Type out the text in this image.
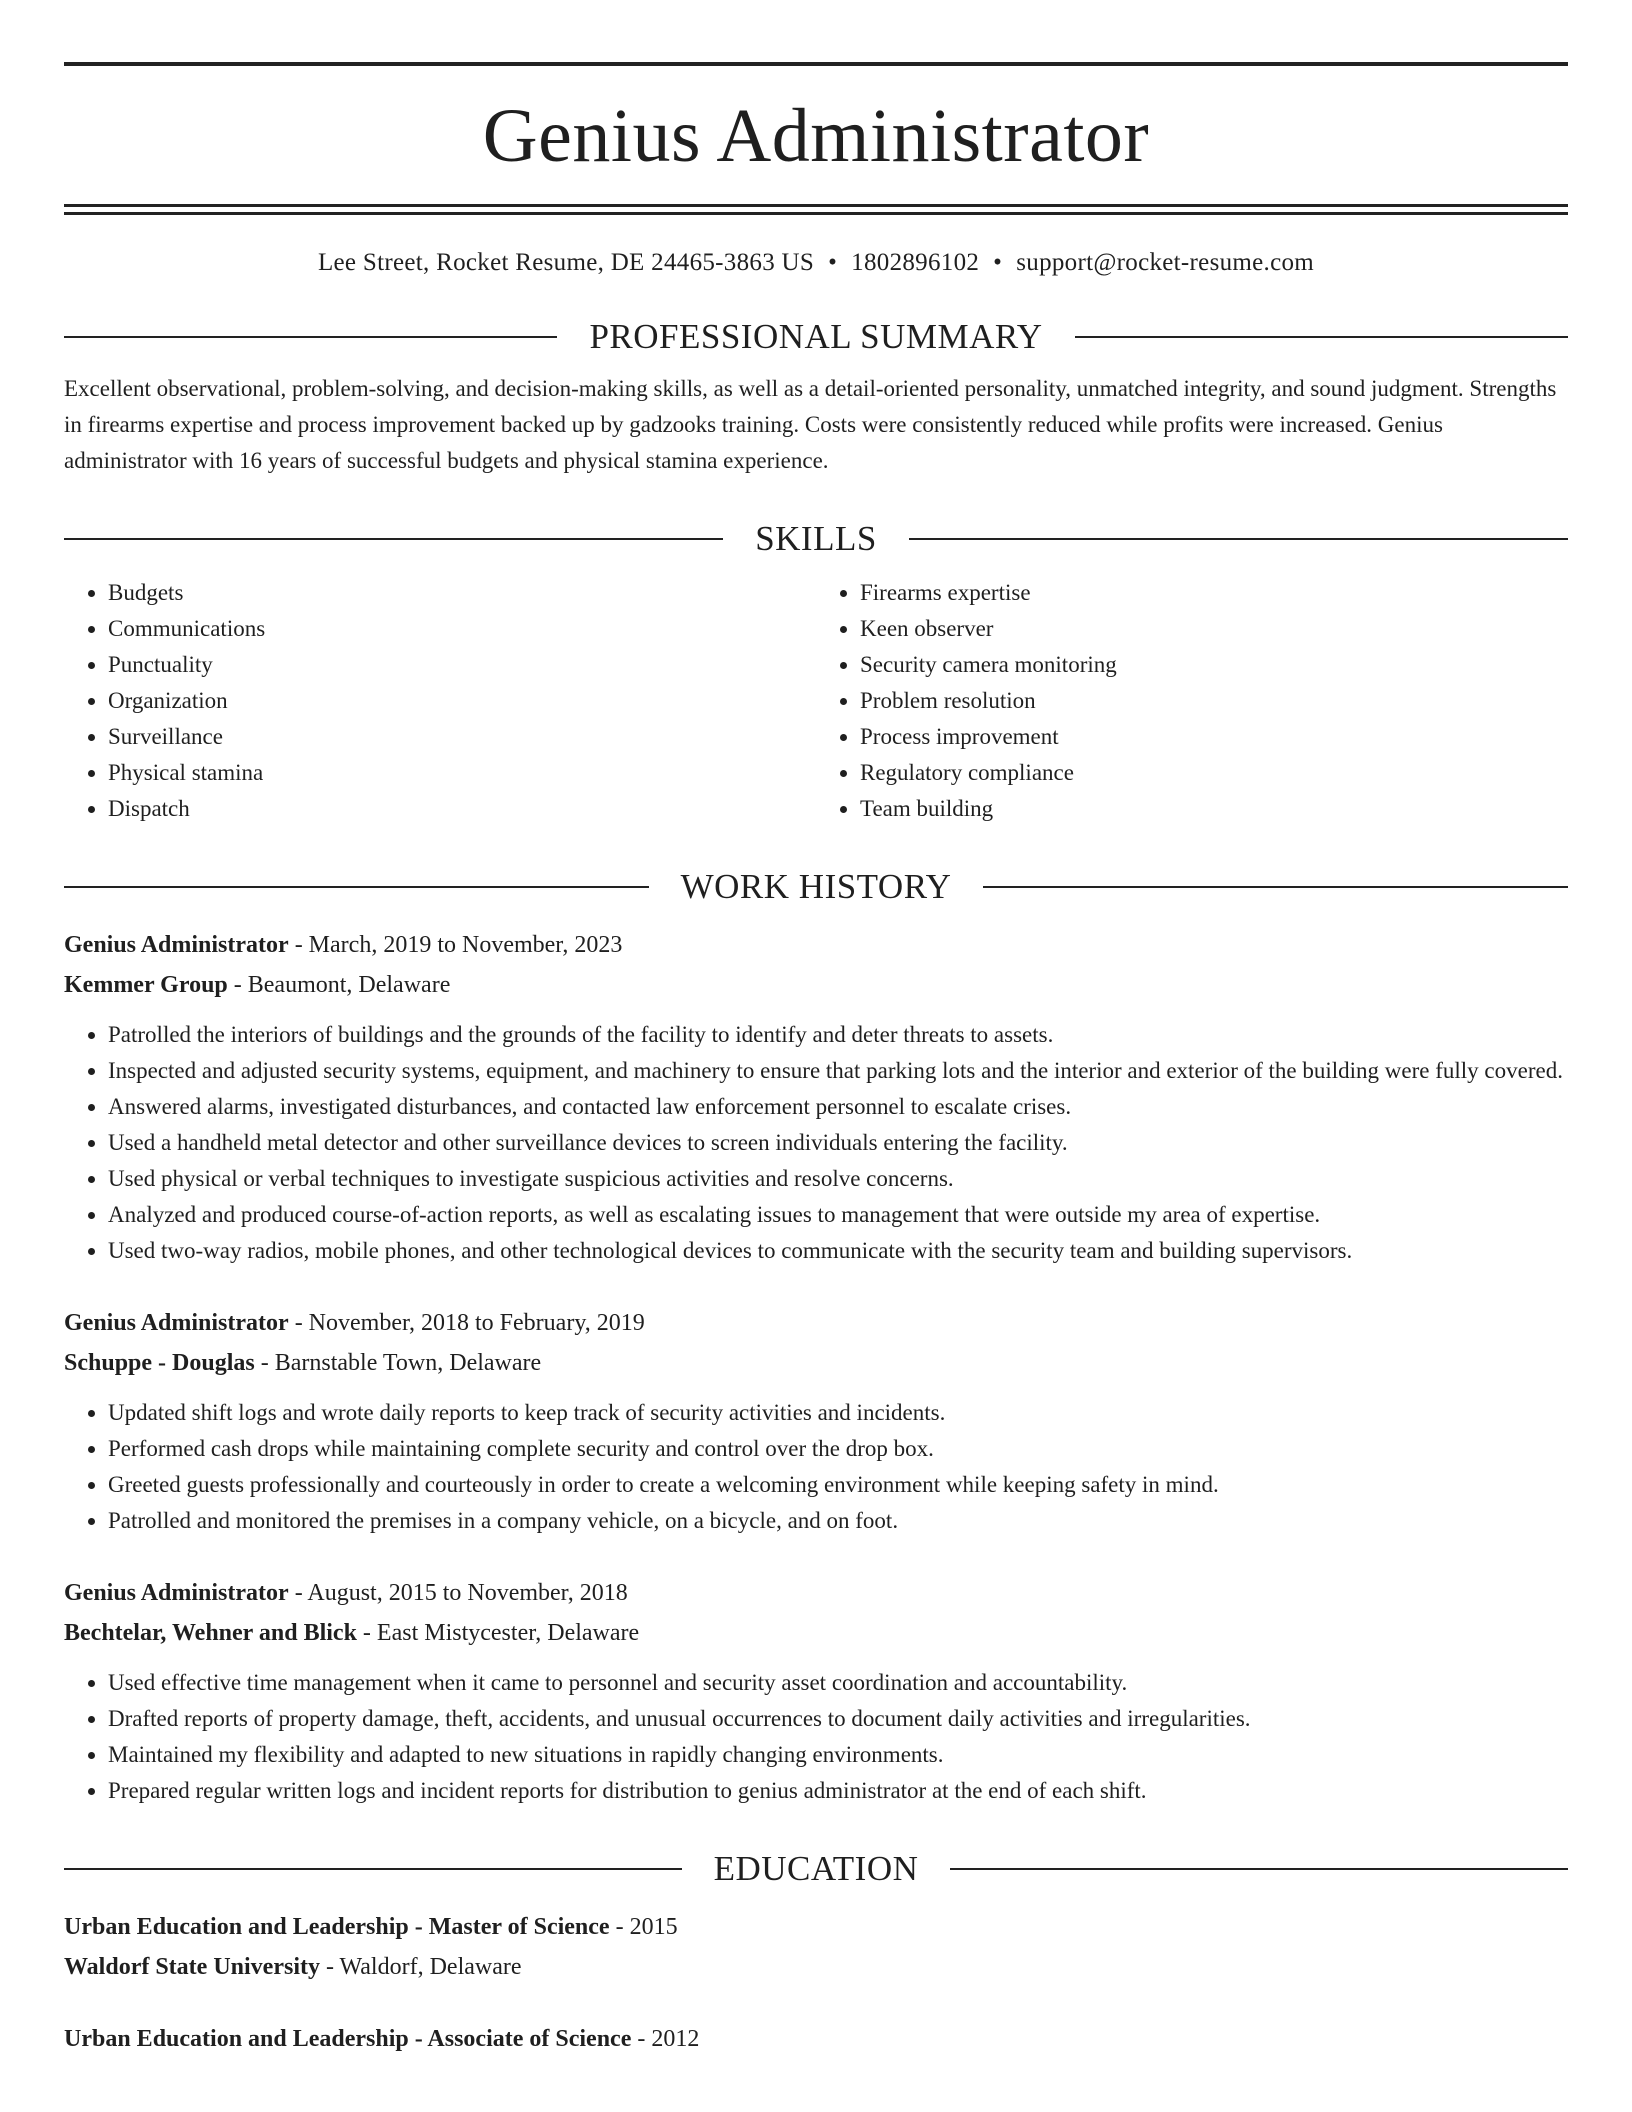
Genius Administrator
Lee Street, Rocket Resume, DE 24465-3863 US • 1802896102 • support@rocket-resume.com
PROFESSIONAL SUMMARY
Excellent observational, problem-solving, and decision-making skills, as well as a detail-oriented personality, unmatched integrity, and sound judgment. Strengths in firearms expertise and process improvement backed up by gadzooks training. Costs were consistently reduced while profits were increased. Genius administrator with 16 years of successful budgets and physical stamina experience.
SKILLS
• Budgets
• Communications
• Punctuality
• Organization
• Surveillance
• Physical stamina
• Dispatch
• Firearms expertise
• Keen observer
• Security camera monitoring
• Problem resolution
• Process improvement
• Regulatory compliance
• Team building
WORK HISTORY
Genius Administrator - March, 2019 to November, 2023
Kemmer Group - Beaumont, Delaware
• Patrolled the interiors of buildings and the grounds of the facility to identify and deter threats to assets.
• Inspected and adjusted security systems, equipment, and machinery to ensure that parking lots and the interior and exterior of the building were fully covered.
• Answered alarms, investigated disturbances, and contacted law enforcement personnel to escalate crises.
• Used a handheld metal detector and other surveillance devices to screen individuals entering the facility.
• Used physical or verbal techniques to investigate suspicious activities and resolve concerns.
• Analyzed and produced course-of-action reports, as well as escalating issues to management that were outside my area of expertise.
• Used two-way radios, mobile phones, and other technological devices to communicate with the security team and building supervisors.
Genius Administrator - November, 2018 to February, 2019
Schuppe - Douglas - Barnstable Town, Delaware
• Updated shift logs and wrote daily reports to keep track of security activities and incidents.
• Performed cash drops while maintaining complete security and control over the drop box.
• Greeted guests professionally and courteously in order to create a welcoming environment while keeping safety in mind.
• Patrolled and monitored the premises in a company vehicle, on a bicycle, and on foot.
Genius Administrator - August, 2015 to November, 2018
Bechtelar, Wehner and Blick - East Mistycester, Delaware
• Used effective time management when it came to personnel and security asset coordination and accountability.
• Drafted reports of property damage, theft, accidents, and unusual occurrences to document daily activities and irregularities.
• Maintained my flexibility and adapted to new situations in rapidly changing environments.
• Prepared regular written logs and incident reports for distribution to genius administrator at the end of each shift.
EDUCATION
Urban Education and Leadership - Master of Science - 2015
Waldorf State University - Waldorf, Delaware
Urban Education and Leadership - Associate of Science - 2012
